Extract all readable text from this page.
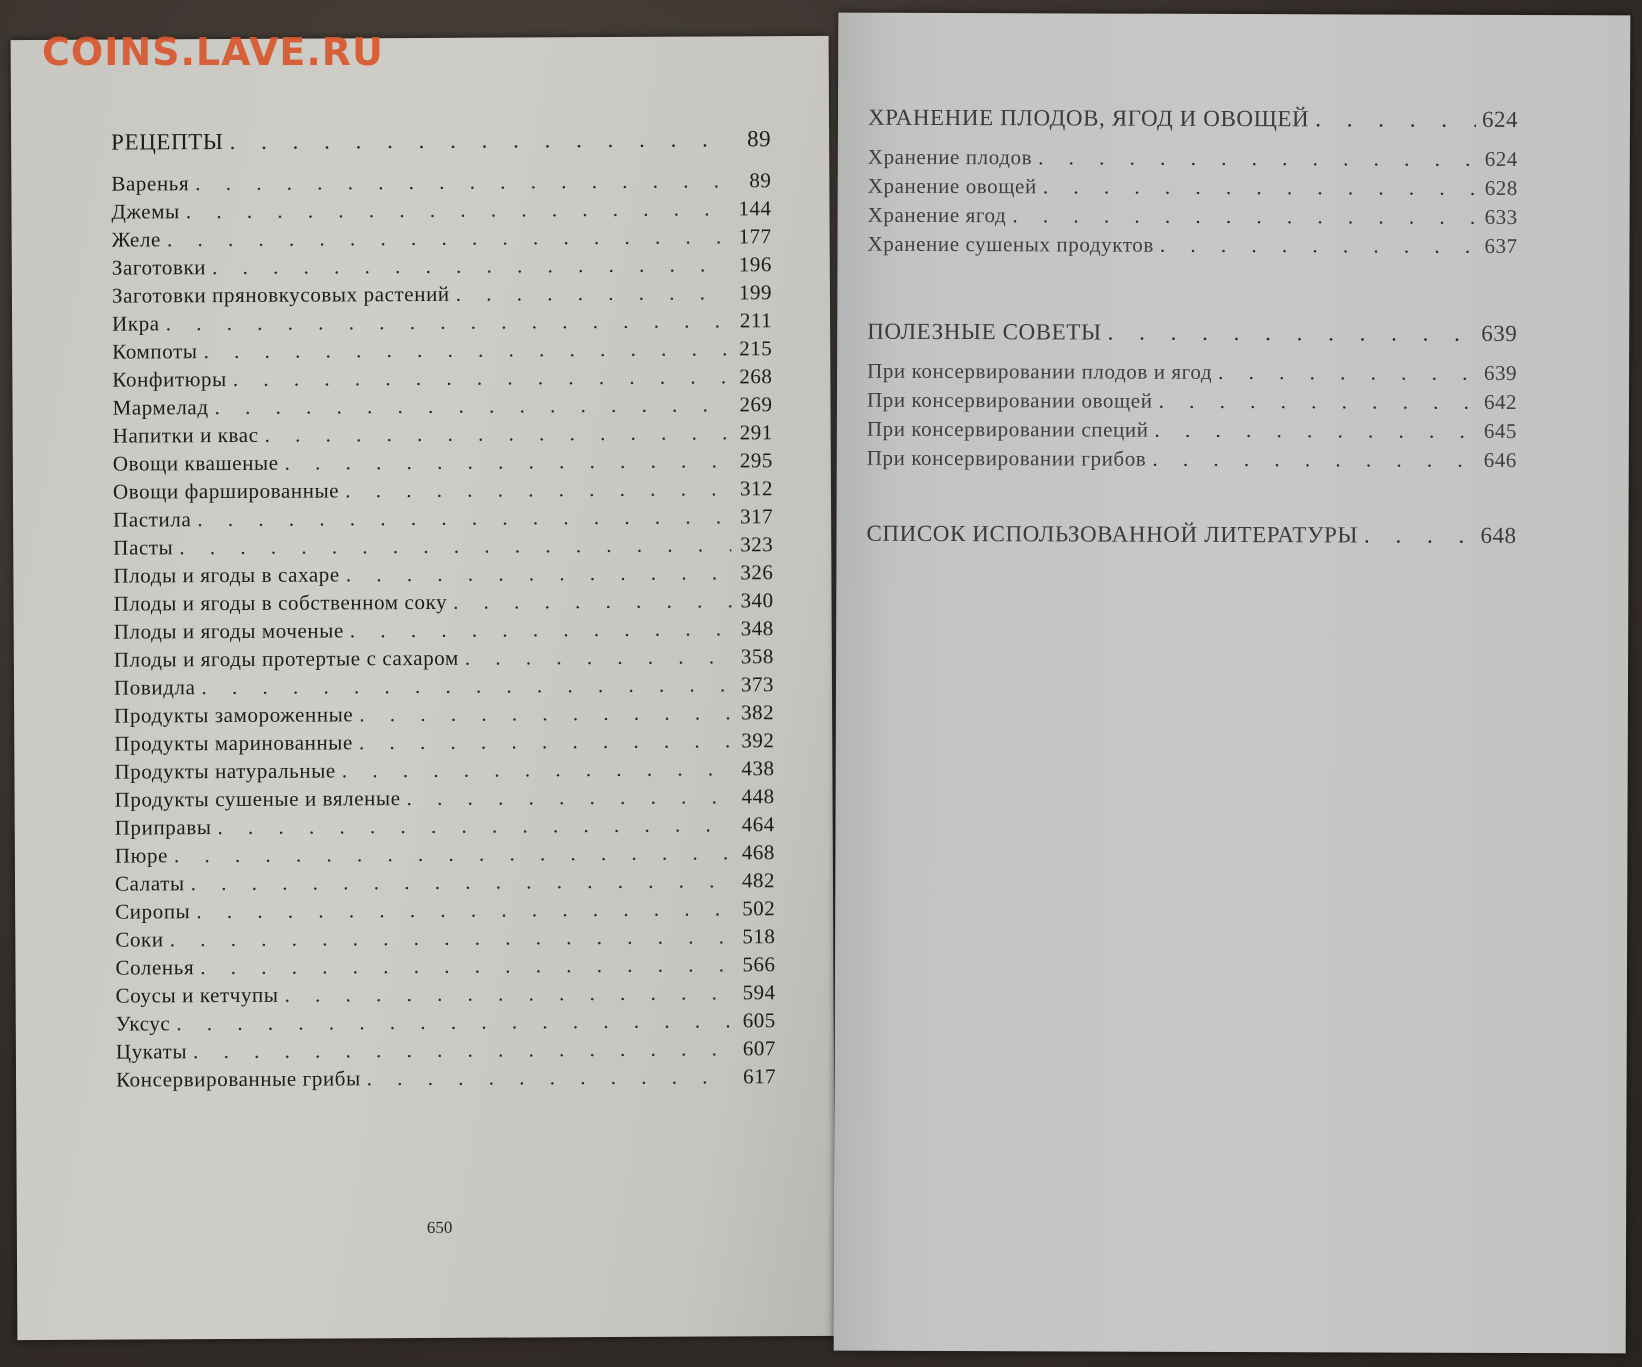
COINS.LAVE.RU
РЕЦЕПТЫ . . .	89
Варенья . . .	89
Джемы . . .	144
Желе . . .	177
Заготовки . . .	196
Заготовки пряновкусовых растений . . .	199
Икра . . .	211
Компоты . . .	215
Конфитюры . . .	268
Мармелад . . .	269
Напитки и квас . . .	291
Овощи квашеные . . .	295
Овощи фаршированные . . .	312
Пастила . . .	317
Пасты . . .	323
Плоды и ягоды в сахаре . . .	326
Плоды и ягоды в собственном соку . . .	340
Плоды и ягоды моченые . . .	348
Плоды и ягоды протертые с сахаром . . .	358
Повидла . . .	373
Продукты замороженные . . .	382
Продукты маринованные . . .	392
Продукты натуральные . . .	438
Продукты сушеные и вяленые . . .	448
Приправы . . .	464
Пюре . . .	468
Салаты . . .	482
Сиропы . . .	502
Соки . . .	518
Соленья . . .	566
Соусы и кетчупы . . .	594
Уксус . . .	605
Цукаты . . .	607
Консервированные грибы . . .	617
650
ХРАНЕНИЕ ПЛОДОВ, ЯГОД И ОВОЩЕЙ . . .	624
Хранение плодов . . .	624
Хранение овощей . . .	628
Хранение ягод . . .	633
Хранение сушеных продуктов . . .	637
ПОЛЕЗНЫЕ СОВЕТЫ . . .	639
При консервировании плодов и ягод . . .	639
При консервировании овощей . . .	642
При консервировании специй . . .	645
При консервировании грибов . . .	646
СПИСОК ИСПОЛЬЗОВАННОЙ ЛИТЕРАТУРЫ . . .	648
